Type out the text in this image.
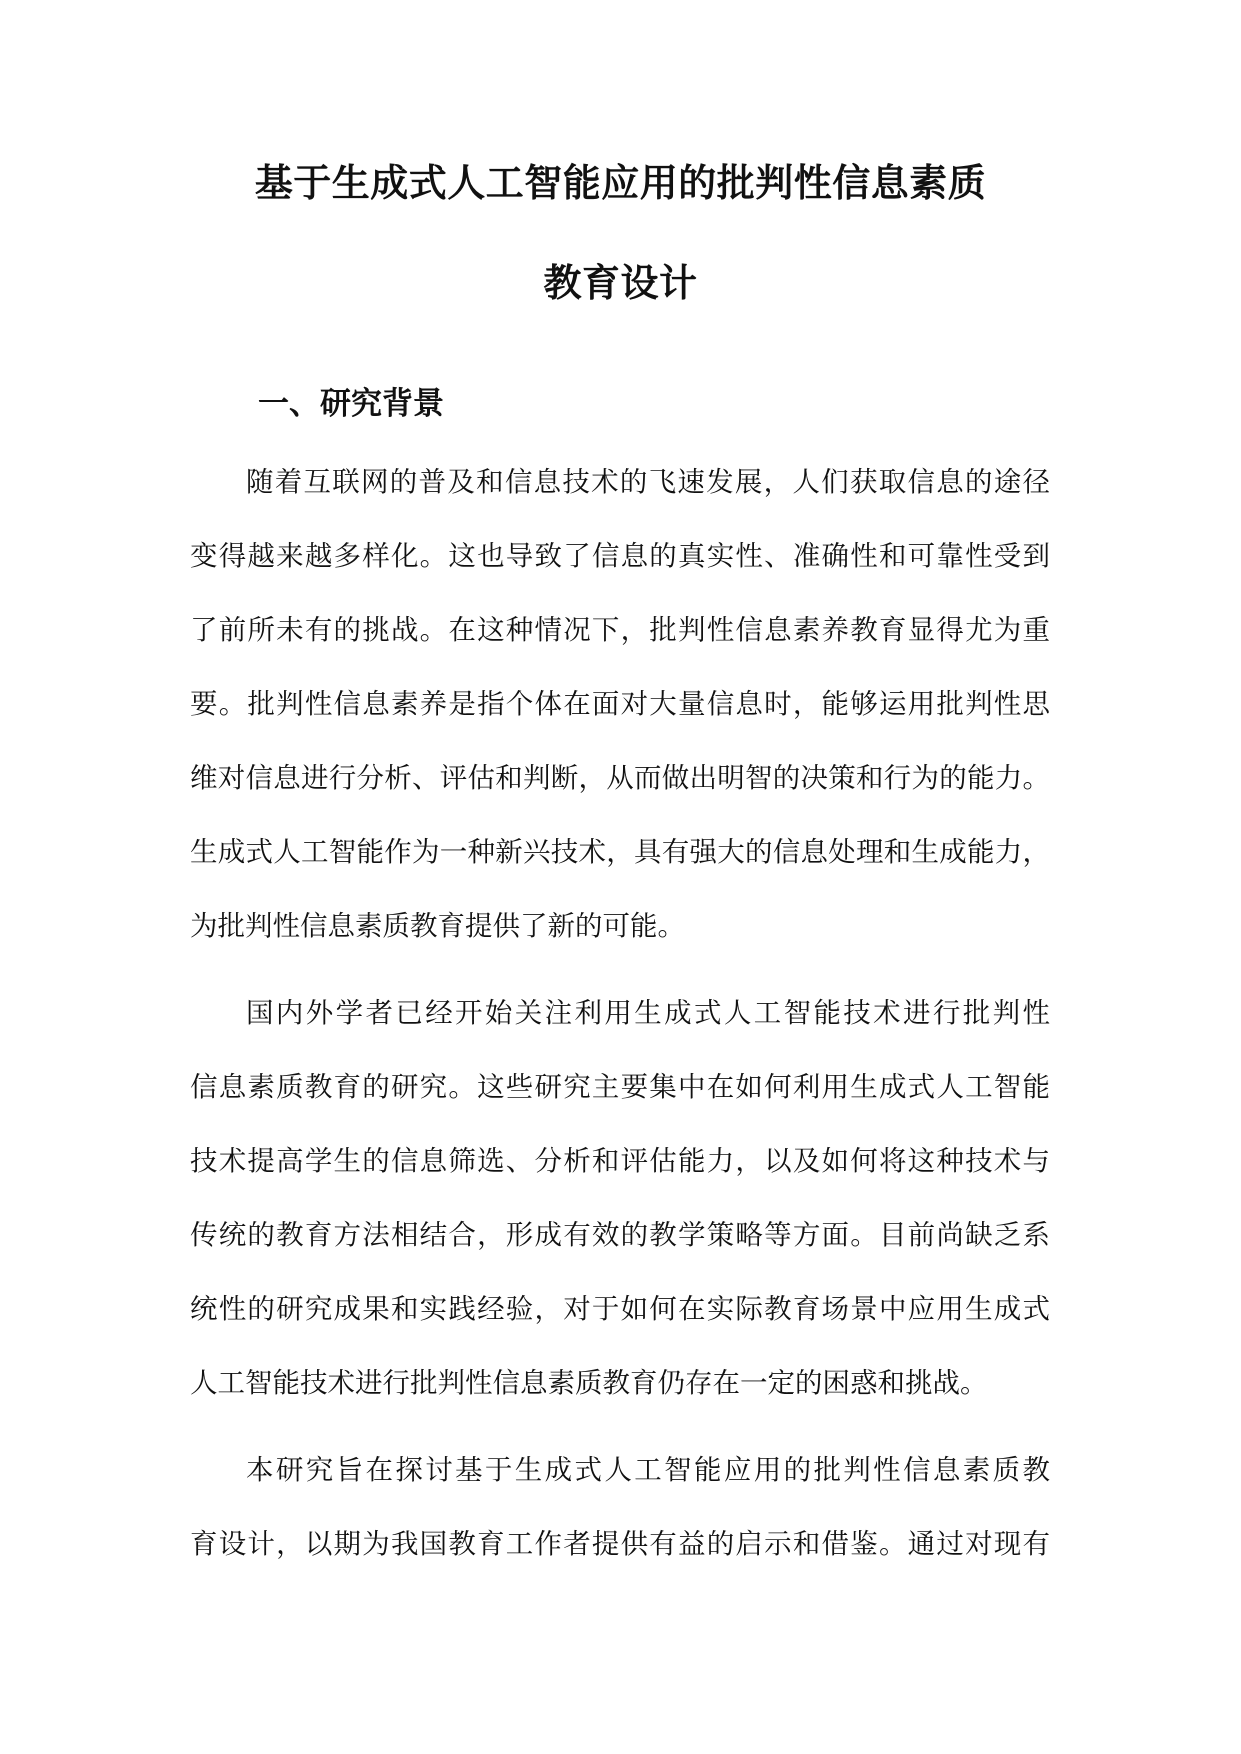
基于生成式人工智能应用的批判性信息素质
教育设计
一、研究背景
随着互联网的普及和信息技术的飞速发展，人们获取信息的途径
变得越来越多样化。这也导致了信息的真实性、准确性和可靠性受到
了前所未有的挑战。在这种情况下，批判性信息素养教育显得尤为重
要。批判性信息素养是指个体在面对大量信息时，能够运用批判性思
维对信息进行分析、评估和判断，从而做出明智的决策和行为的能力。
生成式人工智能作为一种新兴技术，具有强大的信息处理和生成能力，
为批判性信息素质教育提供了新的可能。
国内外学者已经开始关注利用生成式人工智能技术进行批判性
信息素质教育的研究。这些研究主要集中在如何利用生成式人工智能
技术提高学生的信息筛选、分析和评估能力，以及如何将这种技术与
传统的教育方法相结合，形成有效的教学策略等方面。目前尚缺乏系
统性的研究成果和实践经验，对于如何在实际教育场景中应用生成式
人工智能技术进行批判性信息素质教育仍存在一定的困惑和挑战。
本研究旨在探讨基于生成式人工智能应用的批判性信息素质教
育设计，以期为我国教育工作者提供有益的启示和借鉴。通过对现有
